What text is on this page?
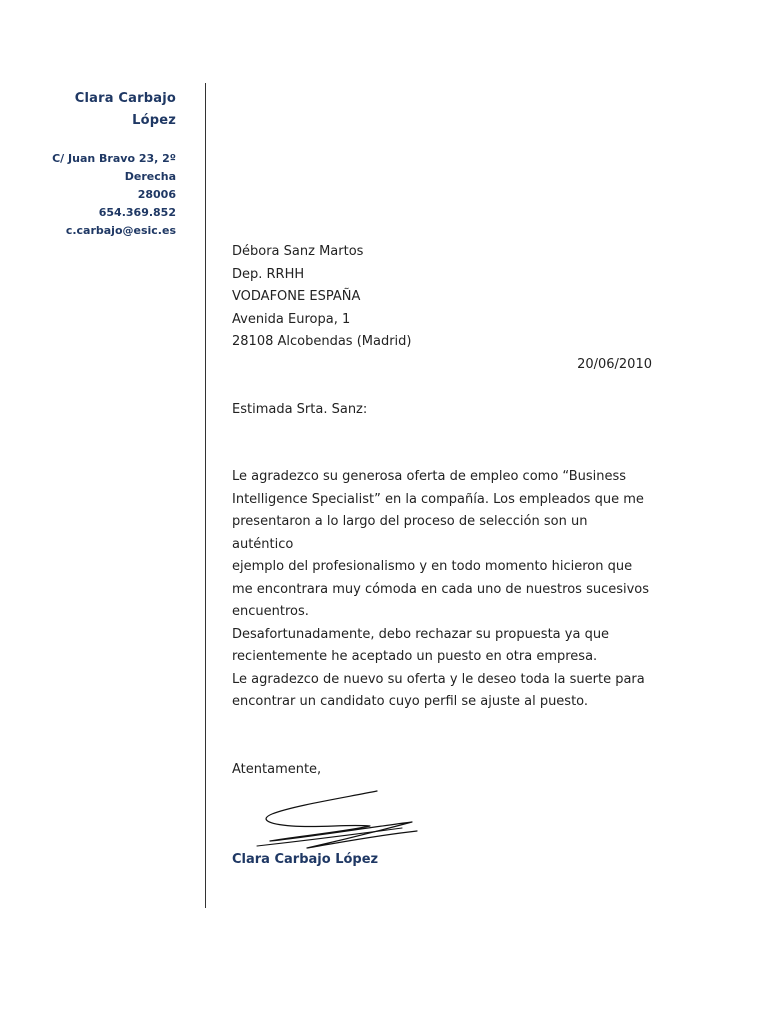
Clara Carbajo
López
C/ Juan Bravo 23, 2º
Derecha
28006
654.369.852
c.carbajo@esic.es
Débora Sanz Martos
Dep. RRHH
VODAFONE ESPAÑA
Avenida Europa, 1
28108 Alcobendas (Madrid)
20/06/2010
Estimada Srta. Sanz:
Le agradezco su generosa oferta de empleo como “Business
Intelligence Specialist” en la compañía. Los empleados que me
presentaron a lo largo del proceso de selección son un auténtico
ejemplo del profesionalismo y en todo momento hicieron que
me encontrara muy cómoda en cada uno de nuestros sucesivos
encuentros.
Desafortunadamente, debo rechazar su propuesta ya que
recientemente he aceptado un puesto en otra empresa.
Le agradezco de nuevo su oferta y le deseo toda la suerte para
encontrar un candidato cuyo perfil se ajuste al puesto.
Atentamente,
Clara Carbajo López
